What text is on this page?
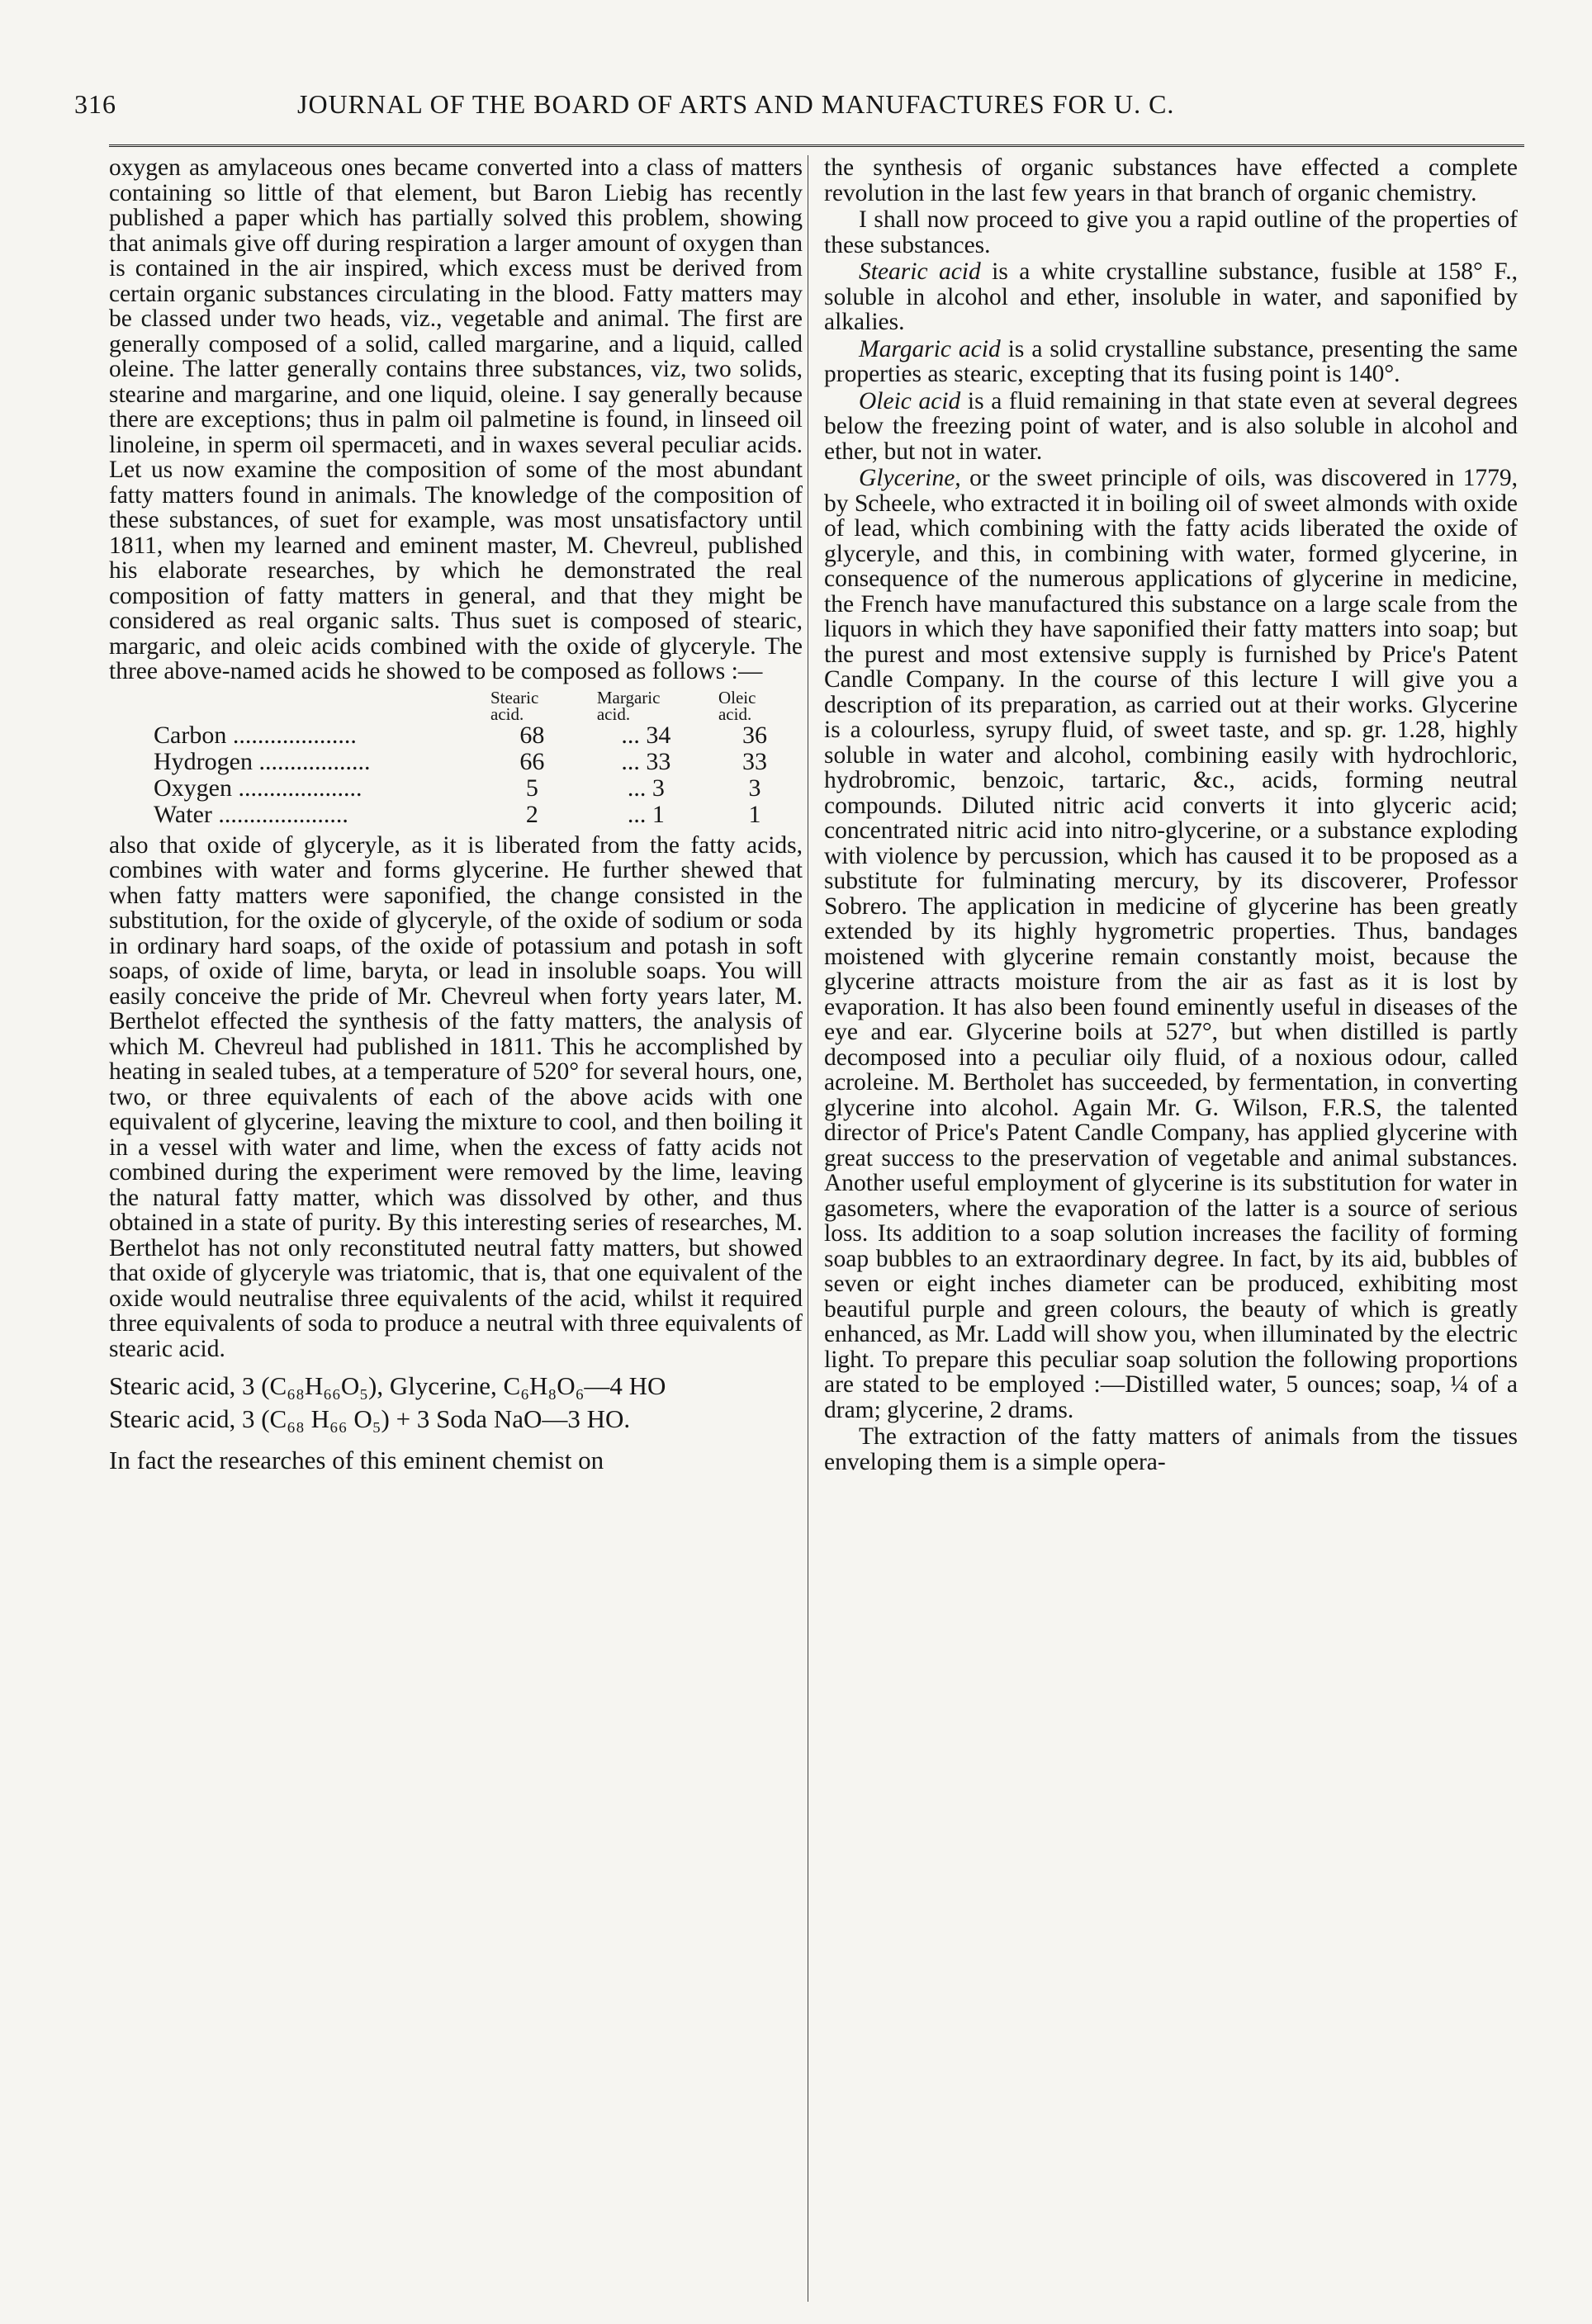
316	JOURNAL OF THE BOARD OF ARTS AND MANUFACTURES FOR U. C.

oxygen as amylaceous ones became converted into a class of matters containing so little of that element, but Baron Liebig has recently published a paper which has partially solved this problem, showing that animals give off during respiration a larger amount of oxygen than is contained in the air inspired, which excess must be derived from certain organic substances circulating in the blood. Fatty matters may be classed under two heads, viz., vegetable and animal. The first are generally composed of a solid, called margarine, and a liquid, called oleine. The latter generally contains three substances, viz, two solids, stearine and margarine, and one liquid, oleine. I say generally because there are exceptions; thus in palm oil palmetine is found, in linseed oil linoleine, in sperm oil spermaceti, and in waxes several peculiar acids. Let us now examine the composition of some of the most abundant fatty matters found in animals. The knowledge of the composition of these substances, of suet for example, was most unsatisfactory until 1811, when my learned and eminent master, M. Chevreul, published his elaborate researches, by which he demonstrated the real composition of fatty matters in general, and that they might be considered as real organic salts. Thus suet is composed of stearic, margaric, and oleic acids combined with the oxide of glyceryle. The three above-named acids he showed to be composed as follows :—

	Stearic acid.	Margaric acid.	Oleic acid.
Carbon ....................	68	... 34	36
Hydrogen ..................	66	... 33	33
Oxygen ....................	5	... 3	3
Water .....................	2	... 1	1

also that oxide of glyceryle, as it is liberated from the fatty acids, combines with water and forms glycerine. He further shewed that when fatty matters were saponified, the change consisted in the substitution, for the oxide of glyceryle, of the oxide of sodium or soda in ordinary hard soaps, of the oxide of potassium and potash in soft soaps, of oxide of lime, baryta, or lead in insoluble soaps. You will easily conceive the pride of Mr. Chevreul when forty years later, M. Berthelot effected the synthesis of the fatty matters, the analysis of which M. Chevreul had published in 1811. This he accomplished by heating in sealed tubes, at a temperature of 520° for several hours, one, two, or three equivalents of each of the above acids with one equivalent of glycerine, leaving the mixture to cool, and then boiling it in a vessel with water and lime, when the excess of fatty acids not combined during the experiment were removed by the lime, leaving the natural fatty matter, which was dissolved by other, and thus obtained in a state of purity. By this interesting series of researches, M. Berthelot has not only reconstituted neutral fatty matters, but showed that oxide of glyceryle was triatomic, that is, that one equivalent of the oxide would neutralise three equivalents of the acid, whilst it required three equivalents of soda to produce a neutral with three equivalents of stearic acid.

Stearic acid, 3 (C₆₈H₆₆O₅), Glycerine, C₆H₈O₆—4 HO
Stearic acid, 3 (C₆₈ H₆₆ O₅) + 3 Soda NaO—3 HO.

In fact the researches of this eminent chemist on

the synthesis of organic substances have effected a complete revolution in the last few years in that branch of organic chemistry.

I shall now proceed to give you a rapid outline of the properties of these substances.

Stearic acid is a white crystalline substance, fusible at 158° F., soluble in alcohol and ether, insoluble in water, and saponified by alkalies.

Margaric acid is a solid crystalline substance, presenting the same properties as stearic, excepting that its fusing point is 140°.

Oleic acid is a fluid remaining in that state even at several degrees below the freezing point of water, and is also soluble in alcohol and ether, but not in water.

Glycerine, or the sweet principle of oils, was discovered in 1779, by Scheele, who extracted it in boiling oil of sweet almonds with oxide of lead, which combining with the fatty acids liberated the oxide of glyceryle, and this, in combining with water, formed glycerine, in consequence of the numerous applications of glycerine in medicine, the French have manufactured this substance on a large scale from the liquors in which they have saponified their fatty matters into soap; but the purest and most extensive supply is furnished by Price's Patent Candle Company. In the course of this lecture I will give you a description of its preparation, as carried out at their works. Glycerine is a colourless, syrupy fluid, of sweet taste, and sp. gr. 1.28, highly soluble in water and alcohol, combining easily with hydrochloric, hydrobromic, benzoic, tartaric, &c., acids, forming neutral compounds. Diluted nitric acid converts it into glyceric acid; concentrated nitric acid into nitro-glycerine, or a substance exploding with violence by percussion, which has caused it to be proposed as a substitute for fulminating mercury, by its discoverer, Professor Sobrero. The application in medicine of glycerine has been greatly extended by its highly hygrometric properties. Thus, bandages moistened with glycerine remain constantly moist, because the glycerine attracts moisture from the air as fast as it is lost by evaporation. It has also been found eminently useful in diseases of the eye and ear. Glycerine boils at 527°, but when distilled is partly decomposed into a peculiar oily fluid, of a noxious odour, called acroleine. M. Bertholet has succeeded, by fermentation, in converting glycerine into alcohol. Again Mr. G. Wilson, F.R.S, the talented director of Price's Patent Candle Company, has applied glycerine with great success to the preservation of vegetable and animal substances. Another useful employment of glycerine is its substitution for water in gasometers, where the evaporation of the latter is a source of serious loss. Its addition to a soap solution increases the facility of forming soap bubbles to an extraordinary degree. In fact, by its aid, bubbles of seven or eight inches diameter can be produced, exhibiting most beautiful purple and green colours, the beauty of which is greatly enhanced, as Mr. Ladd will show you, when illuminated by the electric light. To prepare this peculiar soap solution the following proportions are stated to be employed :—Distilled water, 5 ounces; soap, ¼ of a dram; glycerine, 2 drams.

The extraction of the fatty matters of animals from the tissues enveloping them is a simple opera-
